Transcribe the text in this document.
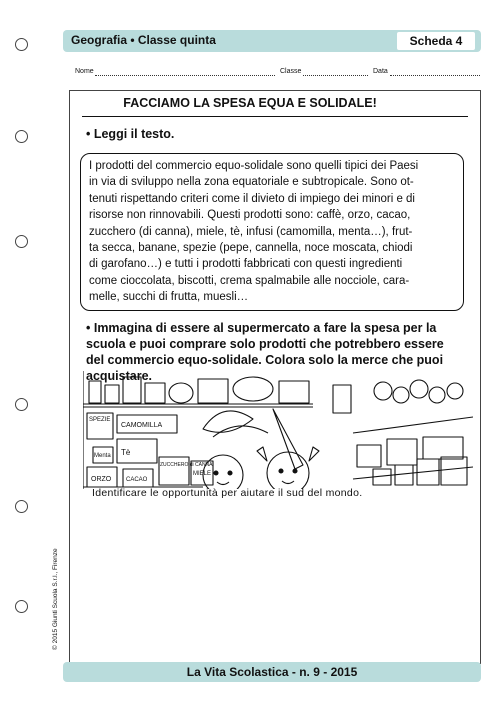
Geografia • Classe quinta	Scheda 4
Nome	Classe	Data
FACCIAMO LA SPESA EQUA E SOLIDALE!
• Leggi il testo.
I prodotti del commercio equo-solidale sono quelli tipici dei Paesi
in via di sviluppo nella zona equatoriale e subtropicale. Sono ot-
tenuti rispettando criteri come il divieto di impiego dei minori e di
risorse non rinnovabili. Questi prodotti sono: caffè, orzo, cacao,
zucchero (di canna), miele, tè, infusi (camomilla, menta…), frut-
ta secca, banane, spezie (pepe, cannella, noce moscata, chiodi
di garofano…) e tutti i prodotti fabbricati con questi ingredienti
come cioccolata, biscotti, crema spalmabile alle nocciole, cara-
melle, succhi di frutta, muesli…
• Immagina di essere al supermercato a fare la spesa per la
scuola e puoi comprare solo prodotti che potrebbero essere
del commercio equo-solidale. Colora solo la merce che puoi
acquistare.
SPEZIE
CAMOMILLA
Menta Tè
ORZO CACAO
ZUCCHERO di CANNA
MIELE
Identificare le opportunità per aiutare il sud del mondo.
© 2015 Giunti Scuola S.r.l., Firenze
La Vita Scolastica - n. 9 - 2015
